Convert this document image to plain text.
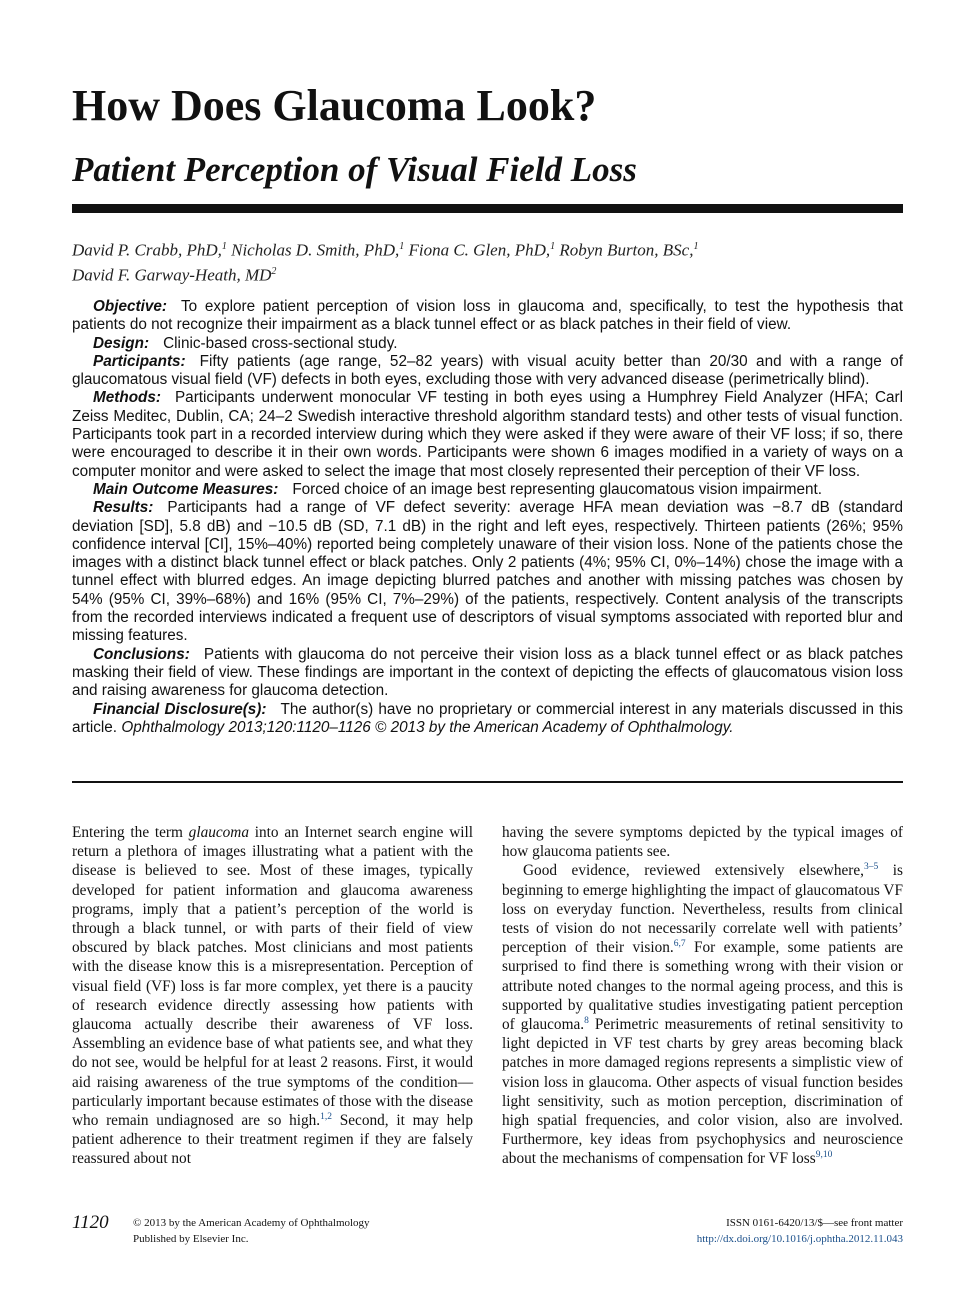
How Does Glaucoma Look?
Patient Perception of Visual Field Loss
David P. Crabb, PhD,$^1$ Nicholas D. Smith, PhD,$^1$ Fiona C. Glen, PhD,$^1$ Robyn Burton, BSc,$^1$
David F. Garway-Heath, $MD^2$

Objective: To explore patient perception of vision loss in glaucoma and, specifically, to test the hypothesis that patients do not recognize their impairment as a black tunnel effect or as black patches in their field of view.

Design: Clinic-based cross-sectional study.

Participants: Fifty patients (age range, 52–82 years) with visual acuity better than 20/30 and with a range of glaucomatous visual field (VF) defects in both eyes, excluding those with very advanced disease (perimetrically blind).

Methods: Participants underwent monocular VF testing in both eyes using a Humphrey Field Analyzer (HFA; Carl Zeiss Meditec, Dublin, CA; 24–2 Swedish interactive threshold algorithm standard tests) and other tests of visual function. Participants took part in a recorded interview during which they were asked if they were aware of their VF loss; if so, there were encouraged to describe it in their own words. Participants were shown 6 images modified in a variety of ways on a computer monitor and were asked to select the image that most closely represented their perception of their VF loss.

Main Outcome Measures: Forced choice of an image best representing glaucomatous vision impairment.

Results: Participants had a range of VF defect severity: average HFA mean deviation was −8.7 dB (standard deviation [SD], 5.8 dB) and −10.5 dB (SD, 7.1 dB) in the right and left eyes, respectively. Thirteen patients (26%; 95% confidence interval [CI], 15%–40%) reported being completely unaware of their vision loss. None of the patients chose the images with a distinct black tunnel effect or black patches. Only 2 patients (4%; 95% CI, 0%–14%) chose the image with a tunnel effect with blurred edges. An image depicting blurred patches and another with missing patches was chosen by 54% (95% CI, 39%–68%) and 16% (95% CI, 7%–29%) of the patients, respectively. Content analysis of the transcripts from the recorded interviews indicated a frequent use of descriptors of visual symptoms associated with reported blur and missing features.

Conclusions: Patients with glaucoma do not perceive their vision loss as a black tunnel effect or as black patches masking their field of view. These findings are important in the context of depicting the effects of glaucomatous vision loss and raising awareness for glaucoma detection.

Financial Disclosure(s): The author(s) have no proprietary or commercial interest in any materials discussed in this article. Ophthalmology 2013;120:1120–1126 © 2013 by the American Academy of Ophthalmology.

Entering the term glaucoma into an Internet search engine will return a plethora of images illustrating what a patient with the disease is believed to see. Most of these images, typically developed for patient information and glaucoma awareness programs, imply that a patient’s perception of the world is through a black tunnel, or with parts of their field of view obscured by black patches. Most clinicians and most patients with the disease know this is a misrepresentation. Perception of visual field (VF) loss is far more complex, yet there is a paucity of research evidence directly assessing how patients with glaucoma actually describe their awareness of VF loss. Assembling an evidence base of what patients see, and what they do not see, would be helpful for at least 2 reasons. First, it would aid raising awareness of the true symptoms of the condition—particularly important because estimates of those with the disease who remain undiagnosed are so high.$^{1,2}$ Second, it may help patient adherence to their treatment regimen if they are falsely reassured about not

having the severe symptoms depicted by the typical images of how glaucoma patients see.

Good evidence, reviewed extensively elsewhere,$^{3-5}$ is beginning to emerge highlighting the impact of glaucomatous VF loss on everyday function. Nevertheless, results from clinical tests of vision do not necessarily correlate well with patients’ perception of their vision.$^{6,7}$ For example, some patients are surprised to find there is something wrong with their vision or attribute noted changes to the normal ageing process, and this is supported by qualitative studies investigating patient perception of glaucoma.$^8$ Perimetric measurements of retinal sensitivity to light depicted in VF test charts by grey areas becoming black patches in more damaged regions represents a simplistic view of vision loss in glaucoma. Other aspects of visual function besides light sensitivity, such as motion perception, discrimination of high spatial frequencies, and color vision, also are involved. Furthermore, key ideas from psychophysics and neuroscience about the mechanisms of compensation for VF loss$^{9,10}$

1120 © 2013 by the American Academy of Ophthalmology
Published by Elsevier Inc.
ISSN 0161-6420/13/$—see front matter
http://dx.doi.org/10.1016/j.ophtha.2012.11.043
